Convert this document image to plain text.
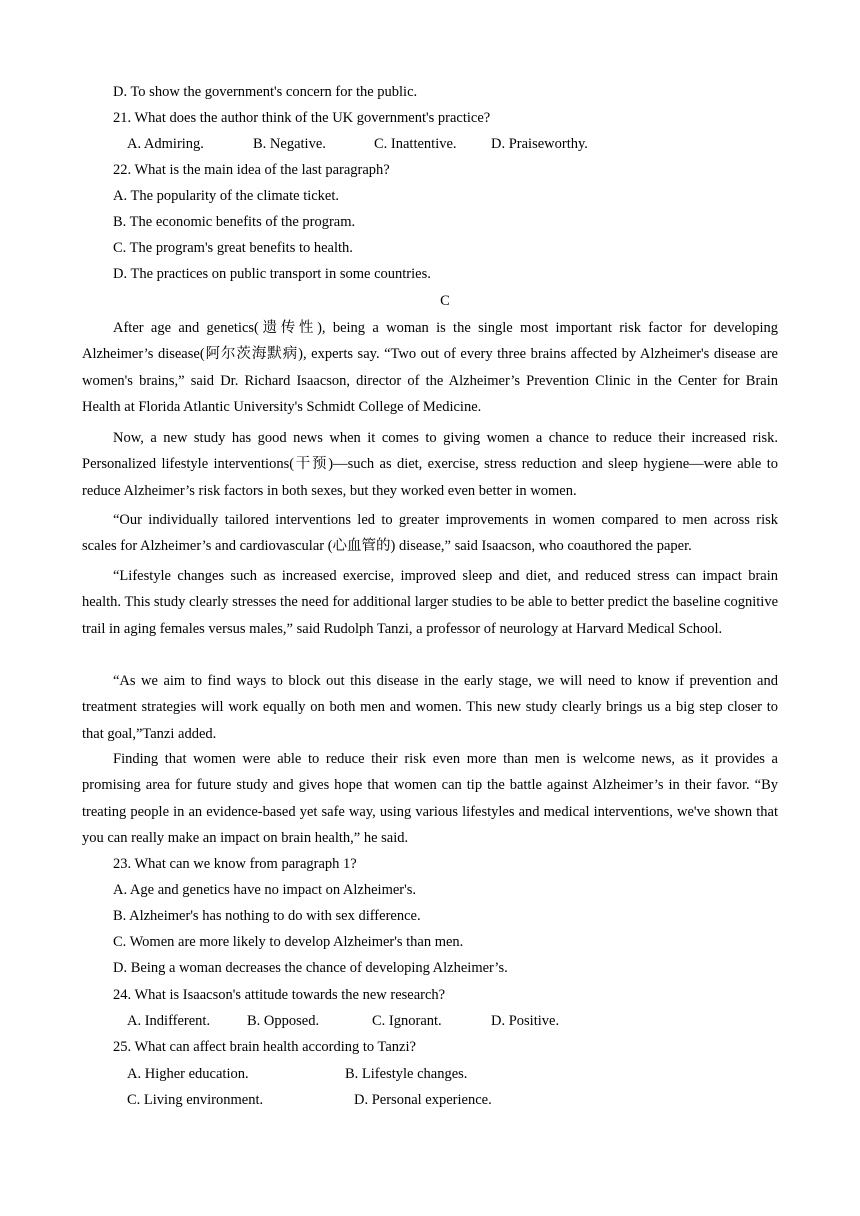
D. To show the government's concern for the public.
21. What does the author think of the UK government's practice?
A. Admiring.	B. Negative.	C. Inattentive. D. Praiseworthy.
22. What is the main idea of the last paragraph?
A. The popularity of the climate ticket.
B. The economic benefits of the program.
C. The program's great benefits to health.
D. The practices on public transport in some countries.
C
After age and genetics(遗传性), being a woman is the single most important risk factor for developing Alzheimer’s disease(阿尔茨海默病), experts say. “Two out of every three brains affected by Alzheimer's disease are women's brains,” said Dr. Richard Isaacson, director of the Alzheimer’s Prevention Clinic in the Center for Brain Health at Florida Atlantic University's Schmidt College of Medicine.
Now, a new study has good news when it comes to giving women a chance to reduce their increased risk. Personalized lifestyle interventions(干预)—such as diet, exercise, stress reduction and sleep hygiene—were able to reduce Alzheimer’s risk factors in both sexes, but they worked even better in women.
“Our individually tailored interventions led to greater improvements in women compared to men across risk scales for Alzheimer’s and cardiovascular (心血管的) disease,” said Isaacson, who coauthored the paper.
“Lifestyle changes such as increased exercise, improved sleep and diet, and reduced stress can impact brain health. This study clearly stresses the need for additional larger studies to be able to better predict the baseline cognitive trail in aging females versus males,” said Rudolph Tanzi, a professor of neurology at Harvard Medical School.
“As we aim to find ways to block out this disease in the early stage, we will need to know if prevention and treatment strategies will work equally on both men and women. This new study clearly brings us a big step closer to that goal,”Tanzi added.
Finding that women were able to reduce their risk even more than men is welcome news, as it provides a promising area for future study and gives hope that women can tip the battle against Alzheimer’s in their favor. “By treating people in an evidence-based yet safe way, using various lifestyles and medical interventions, we've shown that you can really make an impact on brain health,” he said.
23. What can we know from paragraph 1?
A. Age and genetics have no impact on Alzheimer's.
B. Alzheimer's has nothing to do with sex difference.
C. Women are more likely to develop Alzheimer's than men.
D. Being a woman decreases the chance of developing Alzheimer’s.
24. What is Isaacson's attitude towards the new research?
A. Indifferent.	B. Opposed.	C. Ignorant.	D. Positive.
25. What can affect brain health according to Tanzi?
A. Higher education.	B. Lifestyle changes.
C. Living environment.	D. Personal experience.
